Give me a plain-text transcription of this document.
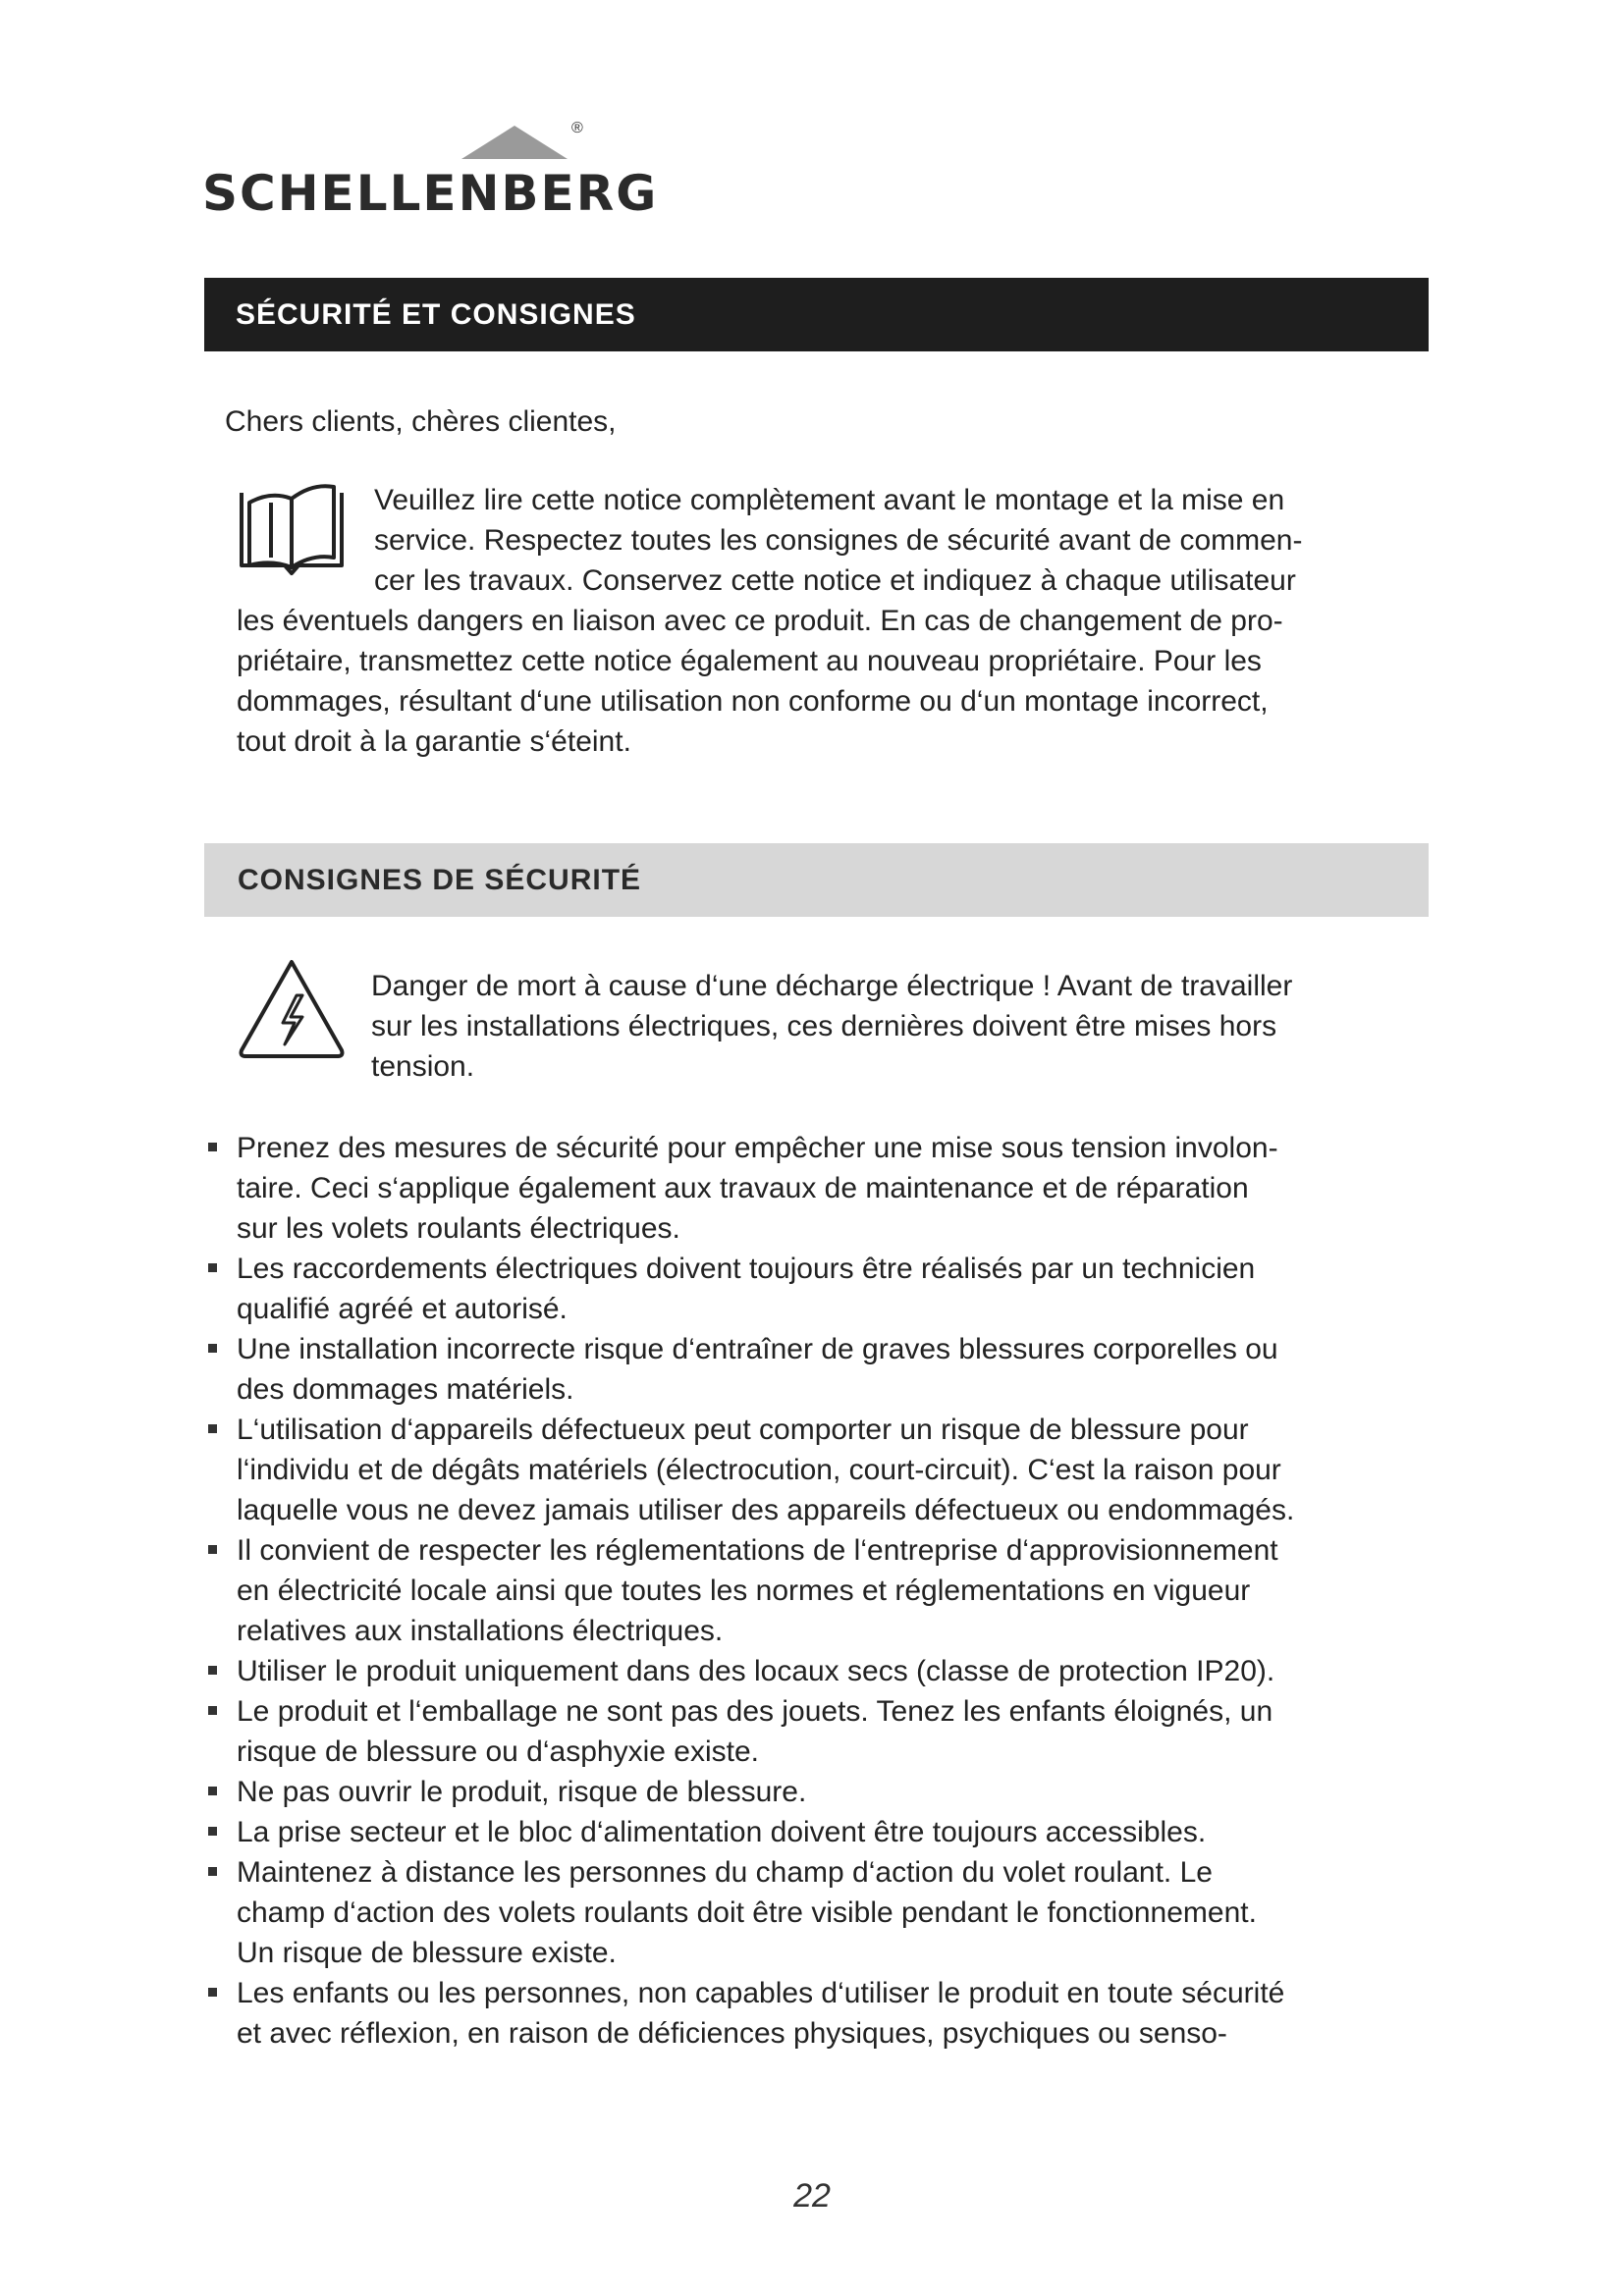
®
SCHELLENBERG
SÉCURITÉ ET CONSIGNES
Chers clients, chères clientes,
Veuillez lire cette notice complètement avant le montage et la mise en
service. Respectez toutes les consignes de sécurité avant de commen-
cer les travaux. Conservez cette notice et indiquez à chaque utilisateur
les éventuels dangers en liaison avec ce produit. En cas de changement de pro-
priétaire, transmettez cette notice également au nouveau propriétaire. Pour les
dommages, résultant d‘une utilisation non conforme ou d‘un montage incorrect,
tout droit à la garantie s‘éteint.
CONSIGNES DE SÉCURITÉ
Danger de mort à cause d‘une décharge électrique ! Avant de travailler
sur les installations électriques, ces dernières doivent être mises hors
tension.
Prenez des mesures de sécurité pour empêcher une mise sous tension involon-
taire. Ceci s‘applique également aux travaux de maintenance et de réparation
sur les volets roulants électriques.
Les raccordements électriques doivent toujours être réalisés par un technicien
qualifié agréé et autorisé.
Une installation incorrecte risque d‘entraîner de graves blessures corporelles ou
des dommages matériels.
L‘utilisation d‘appareils défectueux peut comporter un risque de blessure pour
l‘individu et de dégâts matériels (électrocution, court-circuit). C‘est la raison pour
laquelle vous ne devez jamais utiliser des appareils défectueux ou endommagés.
Il convient de respecter les réglementations de l‘entreprise d‘approvisionnement
en électricité locale ainsi que toutes les normes et réglementations en vigueur
relatives aux installations électriques.
Utiliser le produit uniquement dans des locaux secs (classe de protection IP20).
Le produit et l‘emballage ne sont pas des jouets. Tenez les enfants éloignés, un
risque de blessure ou d‘asphyxie existe.
Ne pas ouvrir le produit, risque de blessure.
La prise secteur et le bloc d‘alimentation doivent être toujours accessibles.
Maintenez à distance les personnes du champ d‘action du volet roulant. Le
champ d‘action des volets roulants doit être visible pendant le fonctionnement.
Un risque de blessure existe.
Les enfants ou les personnes, non capables d‘utiliser le produit en toute sécurité
et avec réflexion, en raison de déficiences physiques, psychiques ou senso-
22
